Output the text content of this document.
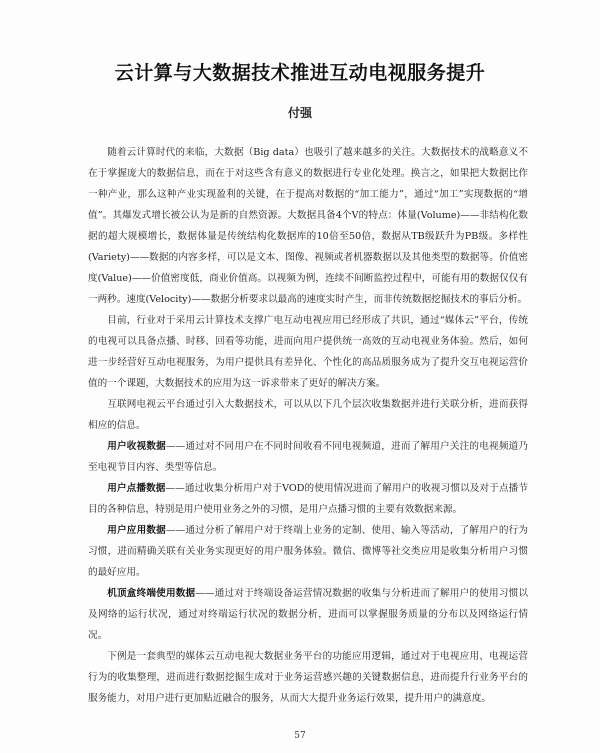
云计算与大数据技术推进互动电视服务提升
付强

随着云计算时代的来临，大数据（Big data）也吸引了越来越多的关注。大数据技术的战略意义不在于掌握庞大的数据信息，而在于对这些含有意义的数据进行专业化处理。换言之，如果把大数据比作一种产业，那么这种产业实现盈利的关键，在于提高对数据的“加工能力”，通过“加工”实现数据的“增值”。其爆发式增长被公认为是新的自然资源。大数据具备4个V的特点：体量(Volume)——非结构化数据的超大规模增长，数据体量是传统结构化数据库的10倍至50倍，数据从TB级跃升为PB级。多样性(Variety)——数据的内容多样，可以是文本、图像、视频或者机器数据以及其他类型的数据等。价值密度(Value)——价值密度低，商业价值高。以视频为例，连续不间断监控过程中，可能有用的数据仅仅有一两秒。速度(Velocity)——数据分析要求以最高的速度实时产生，而非传统数据挖掘技术的事后分析。

目前，行业对于采用云计算技术支撑广电互动电视应用已经形成了共识，通过“媒体云”平台，传统的电视可以具备点播、时移、回看等功能，进而向用户提供统一高效的互动电视业务体验。然后，如何进一步经营好互动电视服务，为用户提供具有差异化、个性化的高品质服务成为了提升交互电视运营价值的一个课题，大数据技术的应用为这一诉求带来了更好的解决方案。

互联网电视云平台通过引入大数据技术，可以从以下几个层次收集数据并进行关联分析，进而获得相应的信息。

用户收视数据——通过对不同用户在不同时间收看不同电视频道，进而了解用户关注的电视频道乃至电视节目内容、类型等信息。

用户点播数据——通过收集分析用户对于VOD的使用情况进而了解用户的收视习惯以及对于点播节目的各种信息，特别是用户使用业务之外的习惯，是用户点播习惯的主要有效数据来源。

用户应用数据——通过分析了解用户对于终端上业务的定制、使用、输入等活动，了解用户的行为习惯，进而精确关联有关业务实现更好的用户服务体验。微信、微博等社交类应用是收集分析用户习惯的最好应用。

机顶盒终端使用数据——通过对于终端设备运营情况数据的收集与分析进而了解用户的使用习惯以及网络的运行状况，通过对终端运行状况的数据分析，进而可以掌握服务质量的分布以及网络运行情况。

下例是一套典型的媒体云互动电视大数据业务平台的功能应用逻辑，通过对于电视应用、电视运营行为的收集整理，进而进行数据挖掘生成对于业务运营感兴趣的关键数据信息，进而提升行业务平台的服务能力，对用户进行更加贴近融合的服务，从而大大提升业务运行效果，提升用户的满意度。

57
